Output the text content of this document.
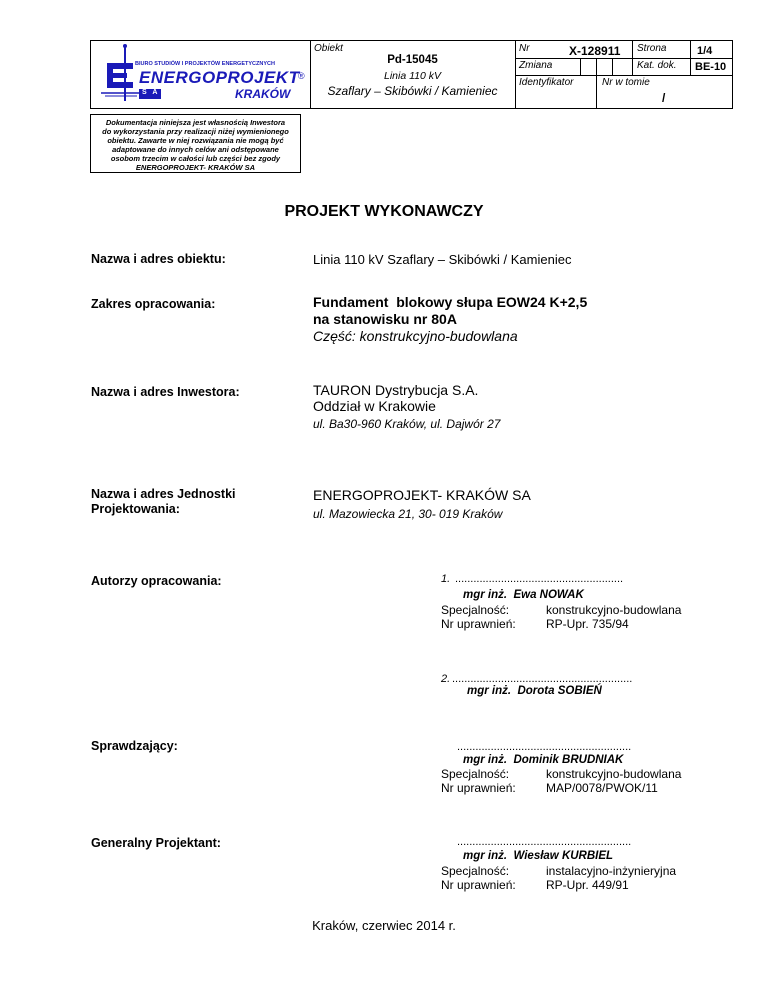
BIURO STUDIÓW I PROJEKTÓW ENERGETYCZNYCH
ENERGOPROJEKT
®
S A	KRAKÓW
Obiekt
Pd-15045
Linia 110 kV
Szaflary – Skibówki / Kamieniec
Nr	X-128911 Strona	1/4
Zmiana	Kat. dok. BE-10
Identyfikator	Nr w tomie
/
Dokumentacja niniejsza jest własnością Inwestora
do wykorzystania przy realizacji niżej wymienionego
obiektu. Zawarte w niej rozwiązania nie mogą być
adaptowane do innych celów ani odstępowane
osobom trzecim w całości lub części bez zgody
ENERGOPROJEKT- KRAKÓW SA
PROJEKT WYKONAWCZY
Nazwa i adres obiektu:	Linia 110 kV Szaflary – Skibówki / Kamieniec
Zakres opracowania:	Fundament  blokowy słupa EOW24 K+2,5
na stanowisku nr 80A
Część: konstrukcyjno-budowlana
Nazwa i adres Inwestora:	TAURON Dystrybucja S.A.
Oddział w Krakowie
ul. Ba30-960 Kraków, ul. Dajwór 27
Nazwa i adres Jednostki
Projektowania:
ENERGOPROJEKT- KRAKÓW SA
ul. Mazowiecka 21, 30- 019 Kraków
Autorzy opracowania:	1. .......................................................
mgr inż.  Ewa NOWAK
Specjalność:	konstrukcyjno-budowlana
Nr uprawnień:	RP-Upr. 735/94
2. ...........................................................
mgr inż.  Dorota SOBIEŃ
Sprawdzający:	.........................................................
mgr inż.  Dominik BRUDNIAK
Specjalność:	konstrukcyjno-budowlana
Nr uprawnień:	MAP/0078/PWOK/11
Generalny Projektant:	.........................................................
mgr inż.  Wiesław KURBIEL
Specjalność:	instalacyjno-inżynieryjna
Nr uprawnień:	RP-Upr. 449/91
Kraków, czerwiec 2014 r.
